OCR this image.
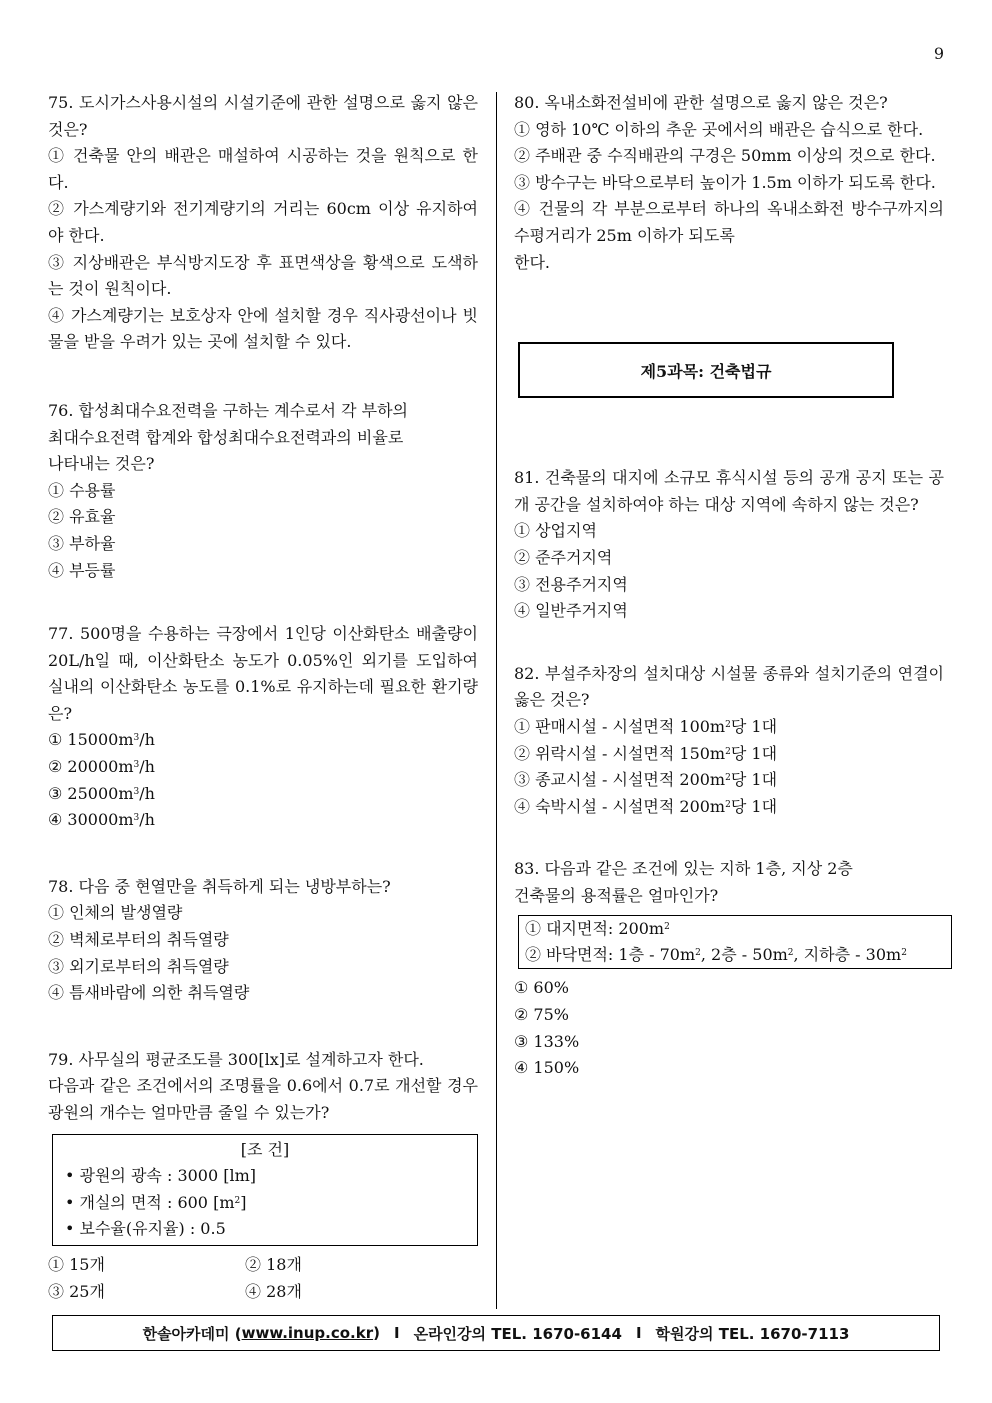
9

75. 도시가스사용시설의 시설기준에 관한 설명으로 옳지 않은 것은?

① 건축물 안의 배관은 매설하여 시공하는 것을 원칙으로 한다.

② 가스계량기와 전기계량기의 거리는 60cm 이상 유지하여야 한다.

③ 지상배관은 부식방지도장 후 표면색상을 황색으로 도색하는 것이 원칙이다.

④ 가스계량기는 보호상자 안에 설치할 경우 직사광선이나 빗물을 받을 우려가 있는 곳에 설치할 수 있다.

76. 합성최대수요전력을 구하는 계수로서 각 부하의

최대수요전력 합계와 합성최대수요전력과의 비율로

나타내는 것은?

① 수용률

② 유효율

③ 부하율

④ 부등률

77. 500명을 수용하는 극장에서 1인당 이산화탄소 배출량이 20L/h일 때, 이산화탄소 농도가 0.05%인 외기를 도입하여 실내의 이산화탄소 농도를 0.1%로 유지하는데 필요한 환기량은?

① $15000m^3/h$

② $20000m^3/h$

③ $25000m^3/h$

④ $30000m^3/h$

78. 다음 중 현열만을 취득하게 되는 냉방부하는?

① 인체의 발생열량

② 벽체로부터의 취득열량

③ 외기로부터의 취득열량

④ 틈새바람에 의한 취득열량

79. 사무실의 평균조도를 300[lx]로 설계하고자 한다.

다음과 같은 조건에서의 조명률을 0.6에서 0.7로 개선할 경우 광원의 개수는 얼마만큼 줄일 수 있는가?

[조 건]
• 광원의 광속 : 3000 [lm]
• 개실의 면적 : 600 $[m^2]$
• 보수율(유지율) : 0.5
① 15개	② 18개
③ 25개	④ 28개

80. 옥내소화전설비에 관한 설명으로 옳지 않은 것은?

① 영하 10℃ 이하의 추운 곳에서의 배관은 습식으로 한다.

② 주배관 중 수직배관의 구경은 50mm 이상의 것으로 한다.

③ 방수구는 바닥으로부터 높이가 1.5m 이하가 되도록 한다.

④ 건물의 각 부분으로부터 하나의 옥내소화전 방수구까지의 수평거리가 25m 이하가 되도록

한다.

제5과목: 건축법규

81. 건축물의 대지에 소규모 휴식시설 등의 공개 공지 또는 공개 공간을 설치하여야 하는 대상 지역에 속하지 않는 것은?

① 상업지역

② 준주거지역

③ 전용주거지역

④ 일반주거지역

82. 부설주차장의 설치대상 시설물 종류와 설치기준의 연결이 옳은 것은?

① 판매시설 - 시설면적 $100m^2$당 1대

② 위락시설 - 시설면적 $150m^2$당 1대

③ 종교시설 - 시설면적 $200m^2$당 1대

④ 숙박시설 - 시설면적 $200m^2$당 1대

83. 다음과 같은 조건에 있는 지하 1층, 지상 2층

건축물의 용적률은 얼마인가?

① 대지면적: $200m^2$
② 바닥면적: 1층 - $70m^2$, 2층 - $50m^2$, 지하층 - $30m^2$

① 60%

② 75%

③ 133%

④ 150%

한솔아카데미 ( www.inup.co.kr ) I 온라인강의 TEL. 1670-6144 I 학원강의 TEL. 1670-7113
